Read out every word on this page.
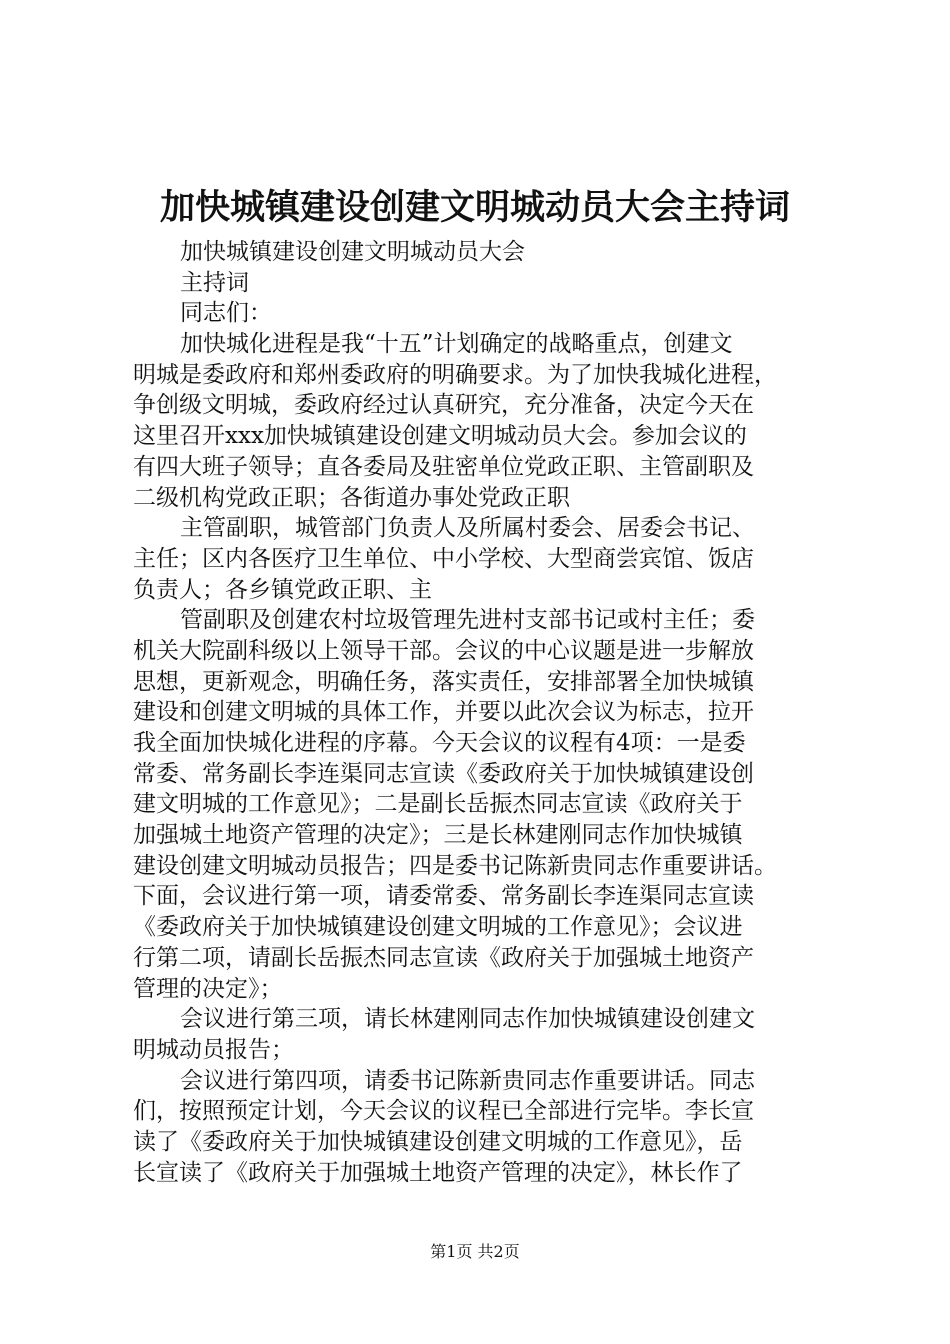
加快城镇建设创建文明城动员大会主持词
加快城镇建设创建文明城动员大会
主持词
同志们：
加快城化进程是我“十五”计划确定的战略重点，创建文
明城是委政府和郑州委政府的明确要求。为了加快我城化进程，
争创级文明城，委政府经过认真研究，充分准备，决定今天在
这里召开xxx加快城镇建设创建文明城动员大会。参加会议的
有四大班子领导；直各委局及驻密单位党政正职、主管副职及
二级机构党政正职；各街道办事处党政正职
主管副职，城管部门负责人及所属村委会、居委会书记、
主任；区内各医疗卫生单位、中小学校、大型商尝宾馆、饭店
负责人；各乡镇党政正职、主
管副职及创建农村垃圾管理先进村支部书记或村主任；委
机关大院副科级以上领导干部。会议的中心议题是进一步解放
思想，更新观念，明确任务，落实责任，安排部署全加快城镇
建设和创建文明城的具体工作，并要以此次会议为标志，拉开
我全面加快城化进程的序幕。今天会议的议程有4项：一是委
常委、常务副长李连渠同志宣读《委政府关于加快城镇建设创
建文明城的工作意见》；二是副长岳振杰同志宣读《政府关于
加强城土地资产管理的决定》；三是长林建刚同志作加快城镇
建设创建文明城动员报告；四是委书记陈新贵同志作重要讲话。
下面，会议进行第一项，请委常委、常务副长李连渠同志宣读
《委政府关于加快城镇建设创建文明城的工作意见》；会议进
行第二项，请副长岳振杰同志宣读《政府关于加强城土地资产
管理的决定》；
会议进行第三项，请长林建刚同志作加快城镇建设创建文
明城动员报告；
会议进行第四项，请委书记陈新贵同志作重要讲话。同志
们，按照预定计划，今天会议的议程已全部进行完毕。李长宣
读了《委政府关于加快城镇建设创建文明城的工作意见》，岳
长宣读了《政府关于加强城土地资产管理的决定》，林长作了
第1页 共2页
